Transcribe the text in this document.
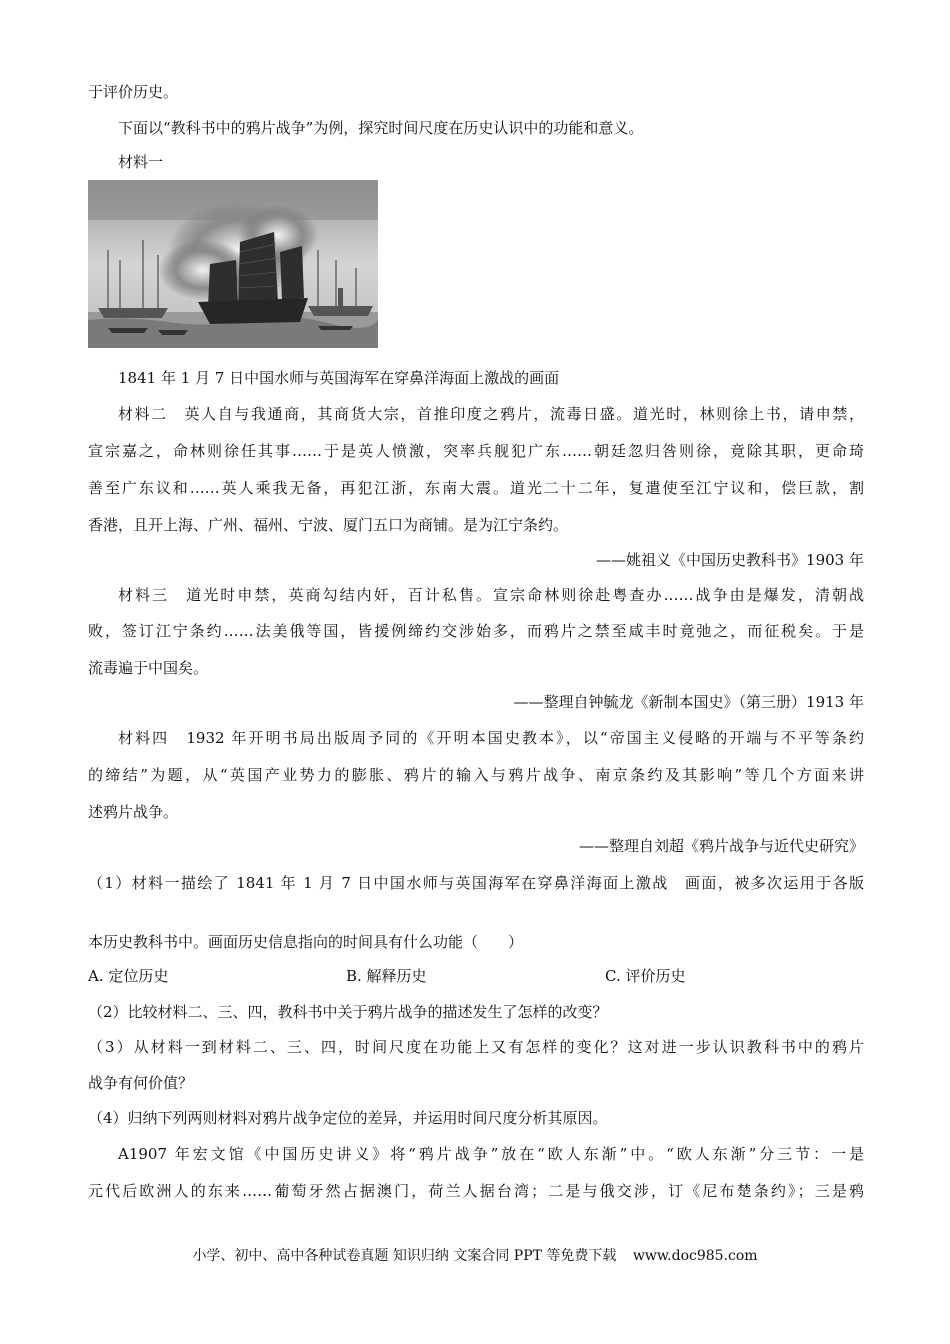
于评价历史。
下面以“教科书中的鸦片战争”为例，探究时间尺度在历史认识中的功能和意义。
材料一
1841 年 1 月 7 日中国水师与英国海军在穿鼻洋海面上激战的画面
材料二　英人自与我通商，其商货大宗，首推印度之鸦片，流毒日盛。道光时，林则徐上书，请申禁，
宣宗嘉之，命林则徐任其事……于是英人愤激，突率兵舰犯广东……朝廷忽归咎则徐，竟除其职，更命琦
善至广东议和……英人乘我无备，再犯江浙，东南大震。道光二十二年，复遣使至江宁议和，偿巨款，割
香港，且开上海、广州、福州、宁波、厦门五口为商铺。是为江宁条约。
——姚祖义《中国历史教科书》1903 年
材料三　道光时申禁，英商勾结内奸，百计私售。宣宗命林则徐赴粤查办……战争由是爆发，清朝战
败，签订江宁条约……法美俄等国，皆援例缔约交涉始多，而鸦片之禁至咸丰时竟弛之，而征税矣。于是
流毒遍于中国矣。
——整理自钟毓龙《新制本国史》（第三册）1913 年
材料四　1932 年开明书局出版周予同的《开明本国史教本》，以“帝国主义侵略的开端与不平等条约
的缔结”为题，从“英国产业势力的膨胀、鸦片的输入与鸦片战争、南京条约及其影响”等几个方面来讲
述鸦片战争。
——整理自刘超《鸦片战争与近代史研究》
（1）材料一描绘了 1841 年 1 月 7 日中国水师与英国海军在穿鼻洋海面上激战　画面，被多次运用于各版
本历史教科书中。画面历史信息指向的时间具有什么功能（　　）
A. 定位历史	B. 解释历史	C. 评价历史
（2）比较材料二、三、四，教科书中关于鸦片战争的描述发生了怎样的改变？
（3）从材料一到材料二、三、四，时间尺度在功能上又有怎样的变化？这对进一步认识教科书中的鸦片
战争有何价值？
（4）归纳下列两则材料对鸦片战争定位的差异，并运用时间尺度分析其原因。
A1907 年宏文馆《中国历史讲义》将“鸦片战争”放在“欧人东渐”中。“欧人东渐”分三节：一是
元代后欧洲人的东来……葡萄牙然占据澳门，荷兰人据台湾；二是与俄交涉，订《尼布楚条约》；三是鸦
小学、初中、高中各种试卷真题 知识归纳 文案合同 PPT 等免费下载 www.doc985.com
